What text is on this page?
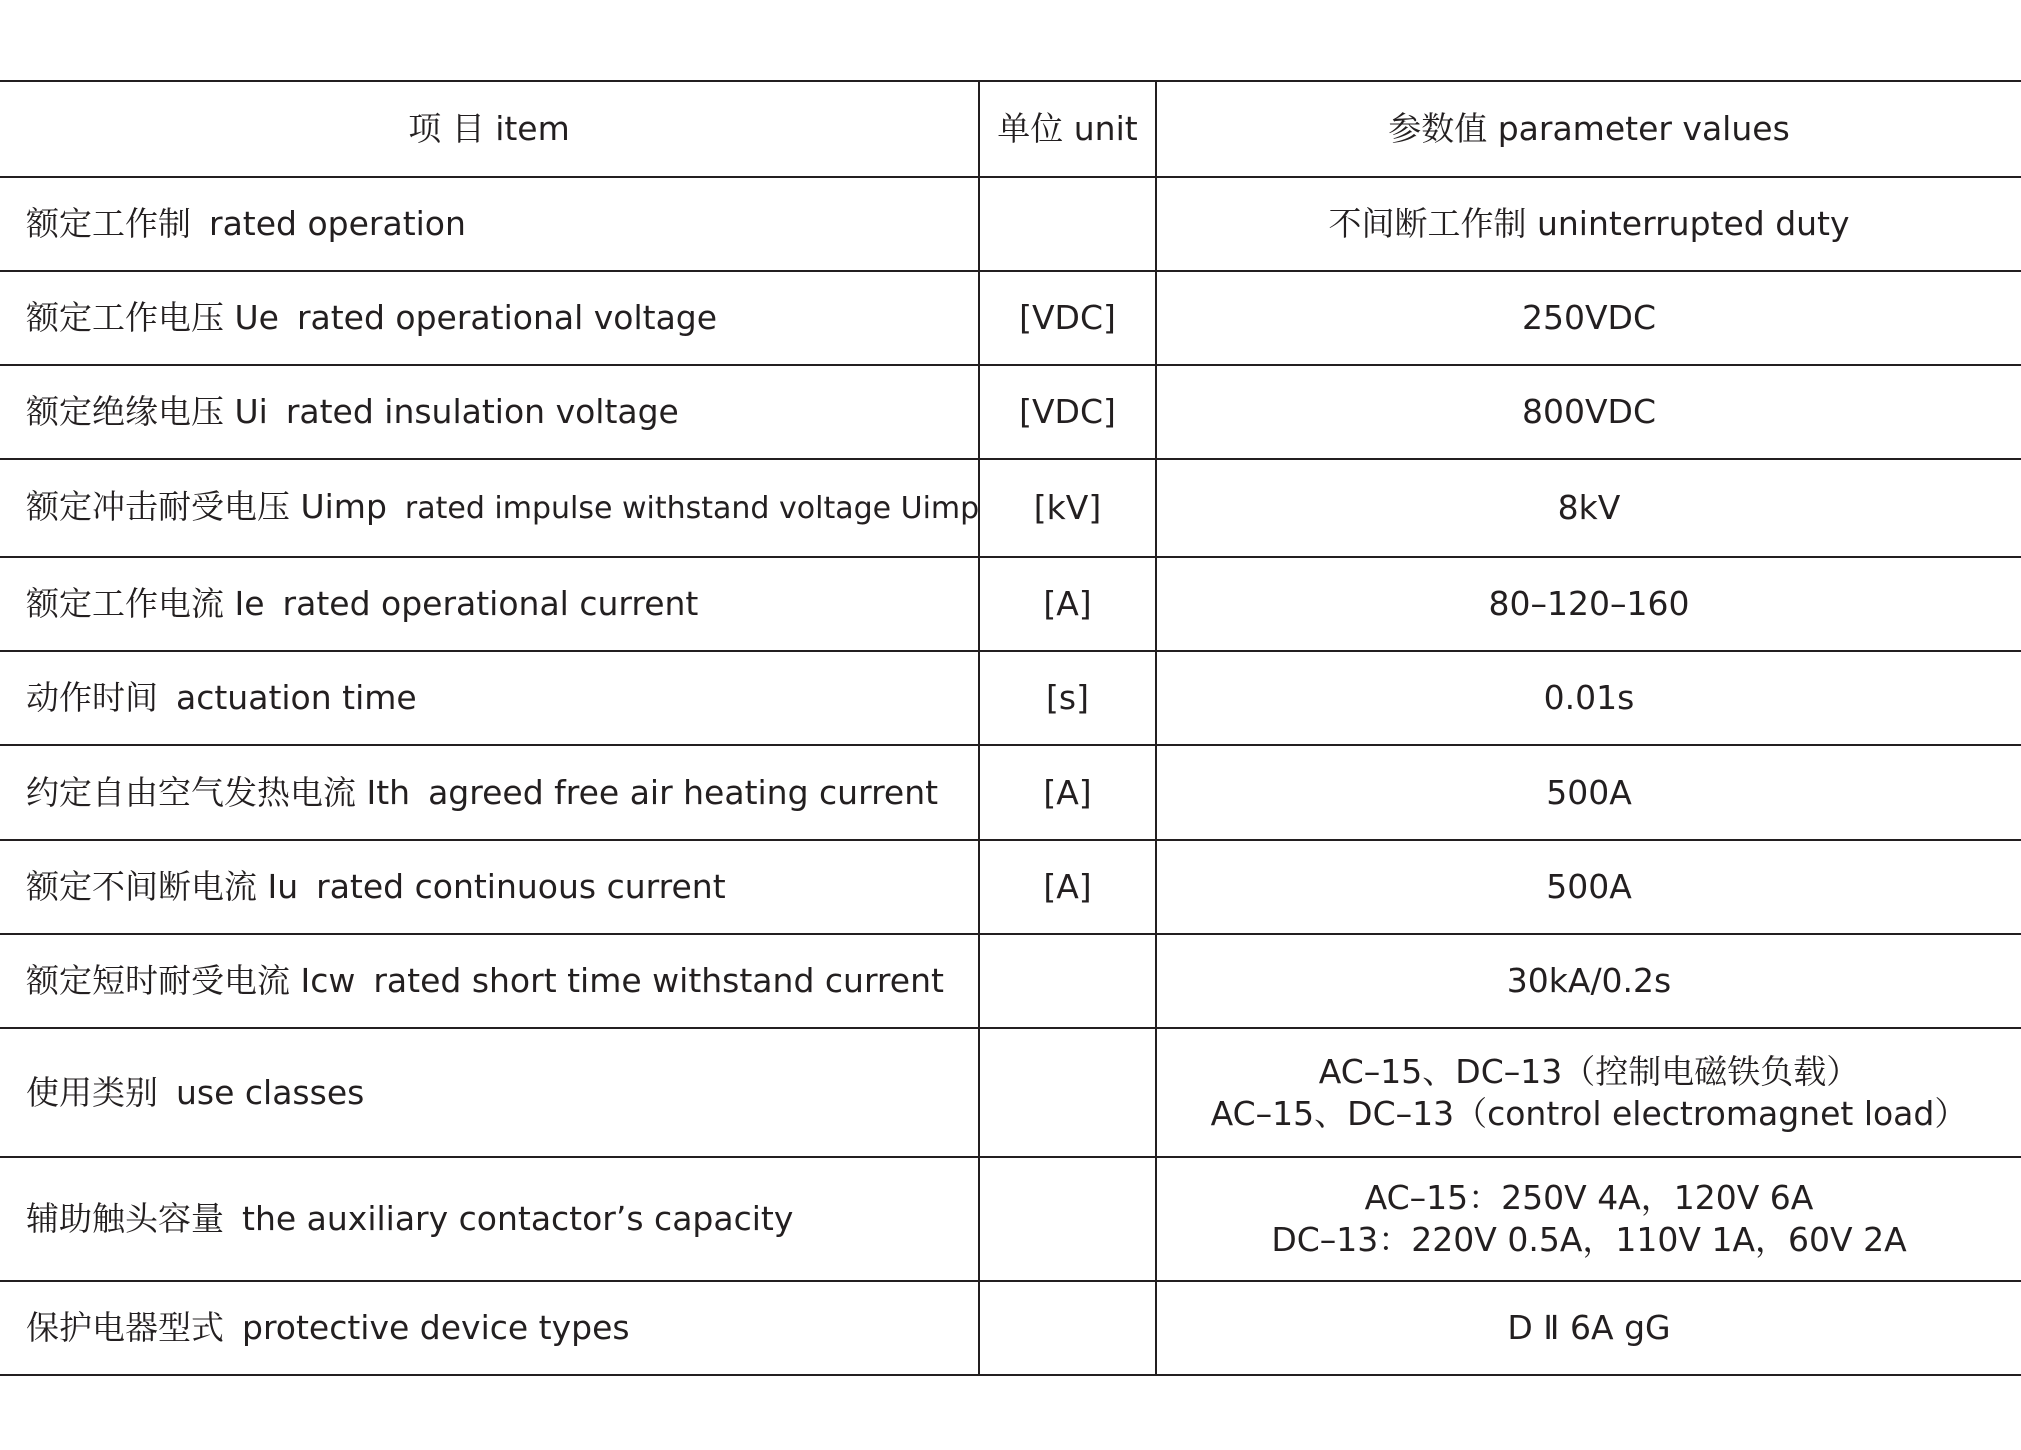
项 目 item	单位 unit	参数值 parameter values
额定工作制 rated operation		不间断工作制 uninterrupted duty

额定工作电压 Ue rated operational voltage	[VDC]	250VDC

额定绝缘电压 Ui rated insulation voltage	[VDC]	800VDC

额定冲击耐受电压 Uimp rated impulse withstand voltage Uimp	[kV]	8kV

额定工作电流 Ie rated operational current	[A]	80–120–160

动作时间 actuation time	[s]	0.01s

约定自由空气发热电流 Ith agreed free air heating current	[A]	500A

额定不间断电流 Iu rated continuous current	[A]	500A

额定短时耐受电流 Icw rated short time withstand current		30kA/0.2s

使用类别 use classes		AC–15、DC–13（控制电磁铁负载）
AC–15、DC–13（control electromagnet load）

辅助触头容量 the auxiliary contactor’s capacity		AC–15：250V 4A，120V 6A
DC–13：220V 0.5A，110V 1A，60V 2A

保护电器型式 protective device types		D Ⅱ 6A gG
